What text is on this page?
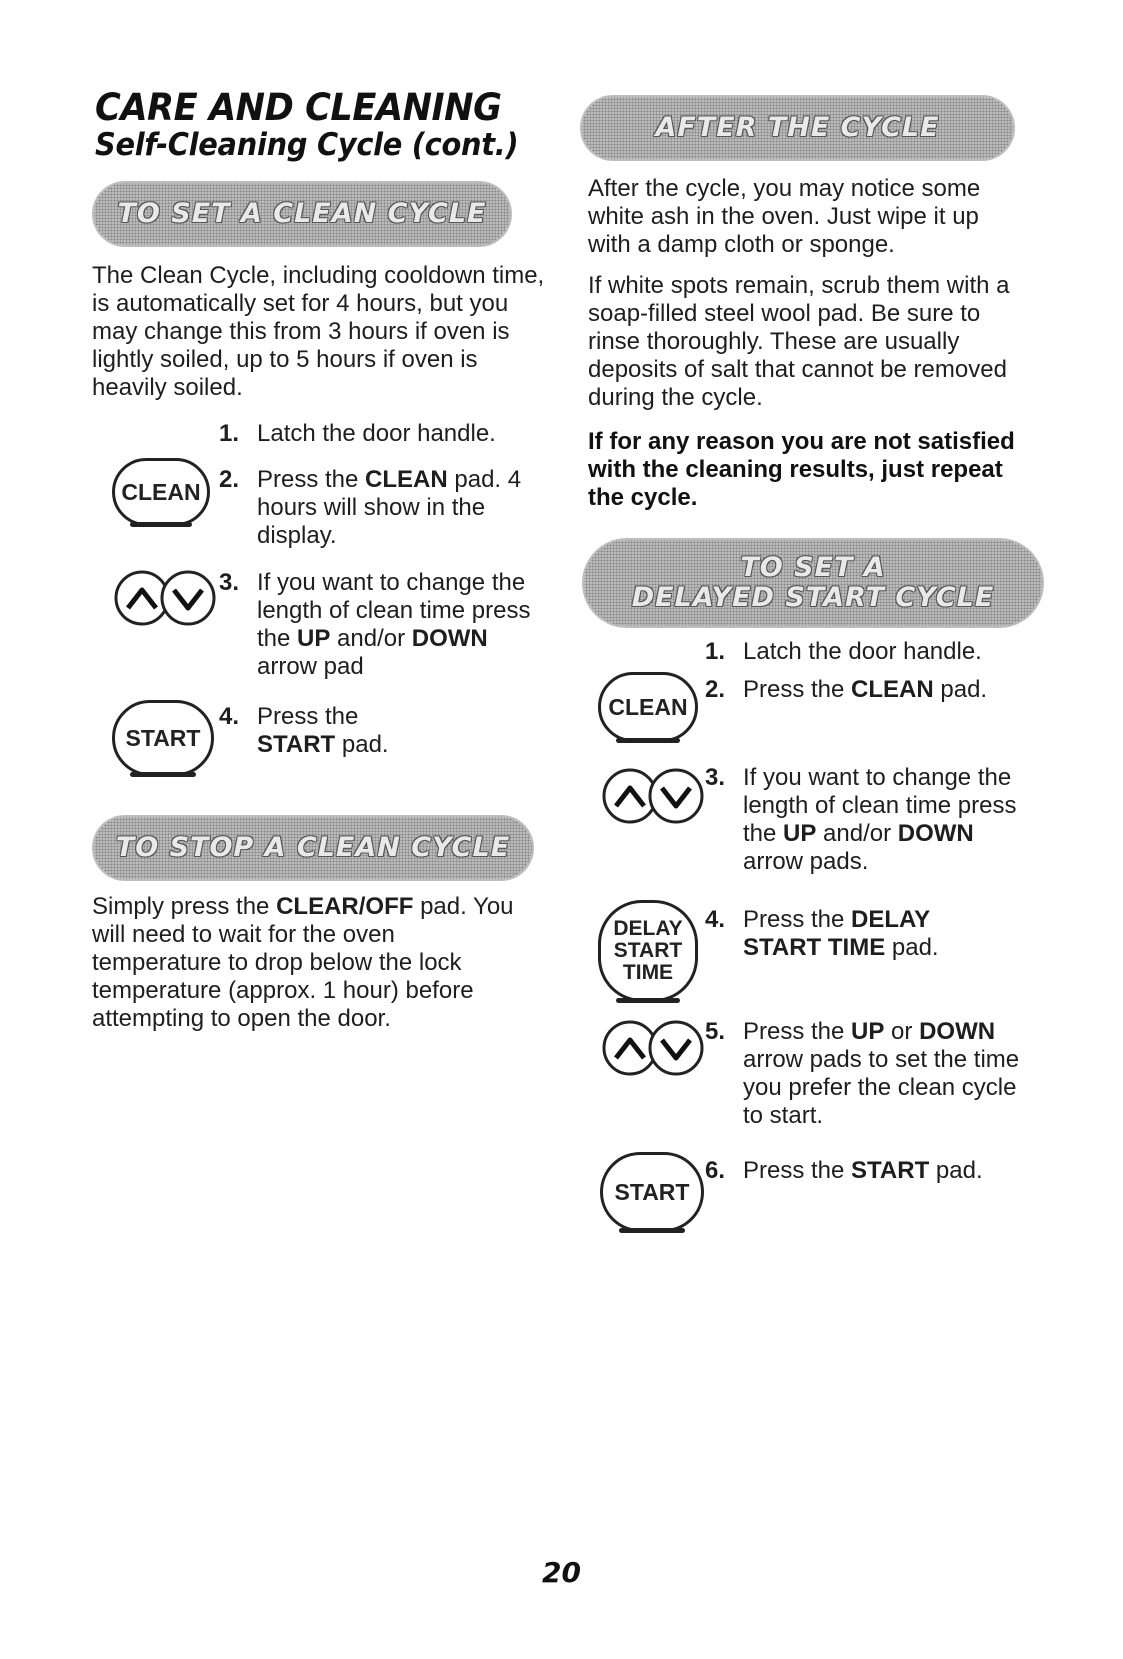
CARE AND CLEANING
Self-Cleaning Cycle (cont.)
TO SET A CLEAN CYCLE

The Clean Cycle, including cooldown time, is automatically set for 4 hours, but you may change this from 3 hours if oven is lightly soiled, up to 5 hours if oven is heavily soiled.

1. Latch the door handle.
CLEAN 2. Press the CLEAN pad. 4 hours will show in the display.
3. If you want to change the length of clean time press the UP and/or DOWN arrow pad
START
4. Press the START pad.
TO STOP A CLEAN CYCLE

Simply press the CLEAR/OFF pad. You will need to wait for the oven temperature to drop below the lock temperature (approx. 1 hour) before attempting to open the door.

AFTER THE CYCLE

After the cycle, you may notice some white ash in the oven. Just wipe it up with a damp cloth or sponge.

If white spots remain, scrub them with a soap-filled steel wool pad. Be sure to rinse thoroughly. These are usually deposits of salt that cannot be removed during the cycle.

If for any reason you are not satisfied with the cleaning results, just repeat the cycle.

TO SET A
DELAYED START CYCLE
1. Latch the door handle.
CLEAN
2. Press the CLEAN pad.
3. If you want to change the length of clean time press the UP and/or DOWN arrow pads.
DELAY
START
TIME
4. Press the DELAY START TIME pad.
5. Press the UP or DOWN arrow pads to set the time you prefer the clean cycle to start.
START
6. Press the START pad.
20
